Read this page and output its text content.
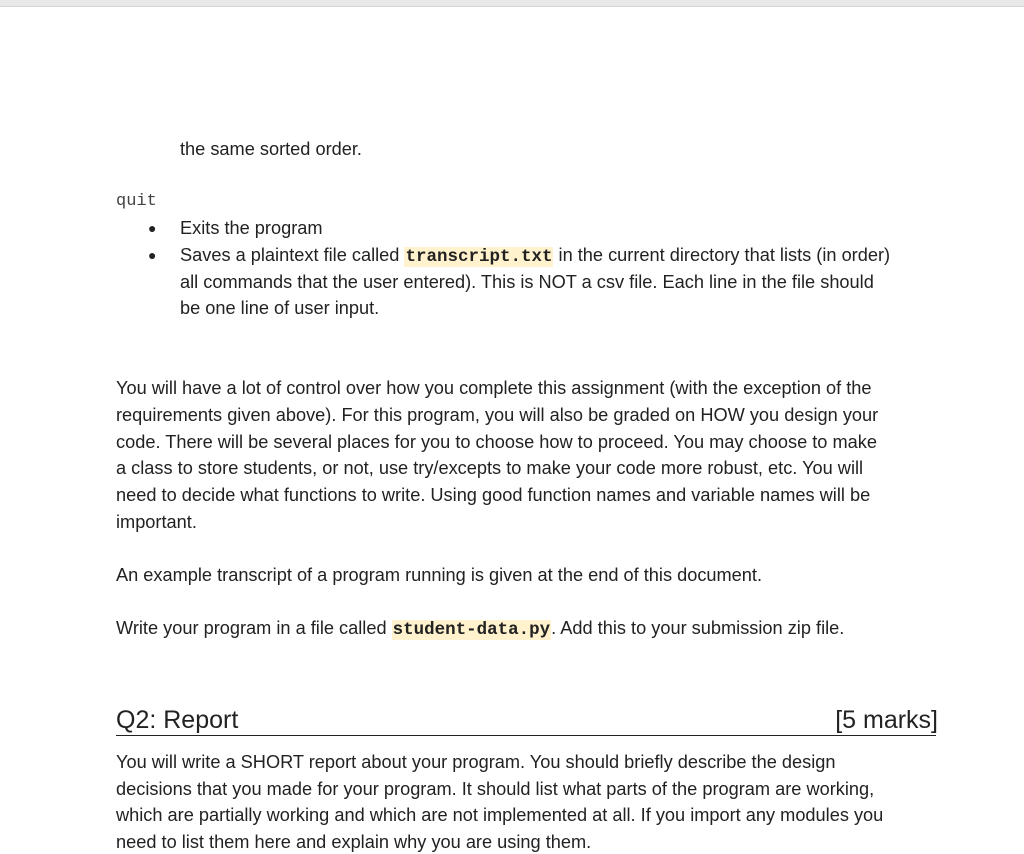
the same sorted order.
quit
● Exits the program
● Saves a plaintext file called transcript.txt in the current directory that lists (in order)
all commands that the user entered). This is NOT a csv file. Each line in the file should
be one line of user input.
You will have a lot of control over how you complete this assignment (with the exception of the
requirements given above). For this program, you will also be graded on HOW you design your
code. There will be several places for you to choose how to proceed. You may choose to make
a class to store students, or not, use try/excepts to make your code more robust, etc. You will
need to decide what functions to write. Using good function names and variable names will be
important.
An example transcript of a program running is given at the end of this document.
Write your program in a file called student-data.py. Add this to your submission zip file.
Q2: Report	[5 marks]
You will write a SHORT report about your program. You should briefly describe the design
decisions that you made for your program. It should list what parts of the program are working,
which are partially working and which are not implemented at all. If you import any modules you
need to list them here and explain why you are using them.
